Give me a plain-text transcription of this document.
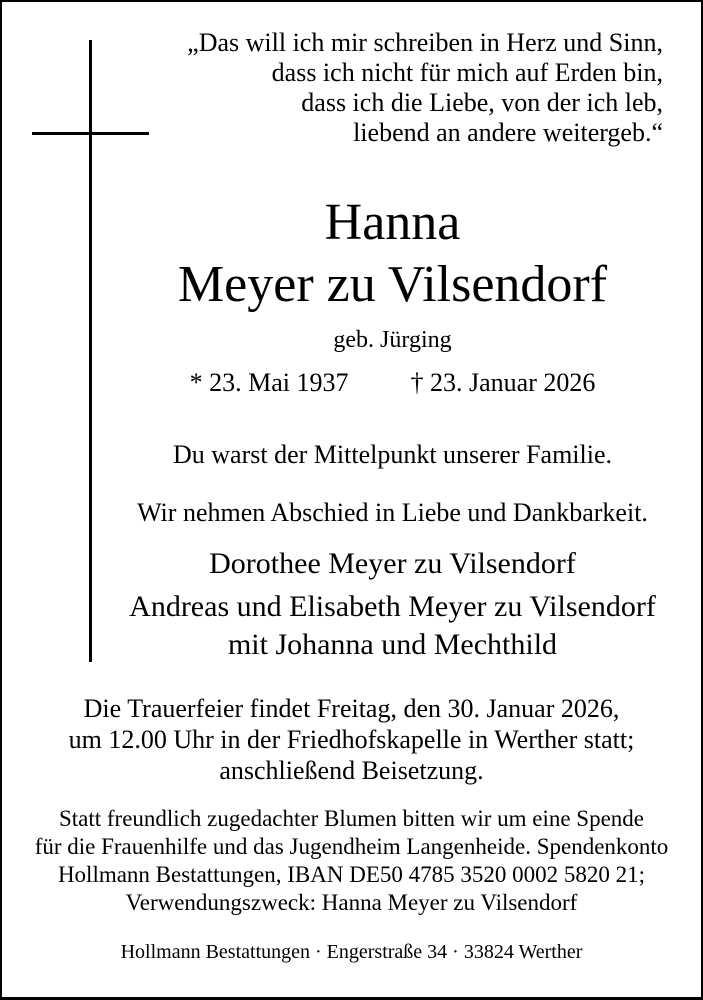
„Das will ich mir schreiben in Herz und Sinn,
dass ich nicht für mich auf Erden bin,
dass ich die Liebe, von der ich leb,
liebend an andere weitergeb.“
Hanna
Meyer zu Vilsendorf
geb. Jürging
* 23. Mai 1937 † 23. Januar 2026
Du warst der Mittelpunkt unserer Familie.
Wir nehmen Abschied in Liebe und Dankbarkeit.
Dorothee Meyer zu Vilsendorf
Andreas und Elisabeth Meyer zu Vilsendorf
mit Johanna und Mechthild
Die Trauerfeier findet Freitag, den 30. Januar 2026,
um 12.00 Uhr in der Friedhofskapelle in Werther statt;
anschließend Beisetzung.
Statt freundlich zugedachter Blumen bitten wir um eine Spende
für die Frauenhilfe und das Jugendheim Langenheide. Spendenkonto
Hollmann Bestattungen, IBAN DE50 4785 3520 0002 5820 21;
Verwendungszweck: Hanna Meyer zu Vilsendorf
Hollmann Bestattungen · Engerstraße 34 · 33824 Werther
